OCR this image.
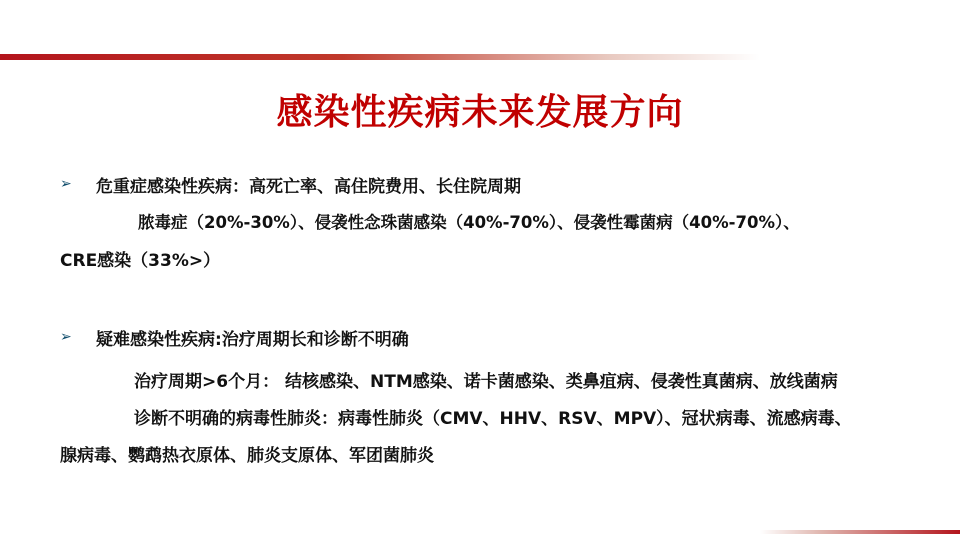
感染性疾病未来发展方向
➢ 危重症感染性疾病：高死亡率、高住院费用、长住院周期
脓毒症（20%-30%）、侵袭性念珠菌感染（40%-70%）、侵袭性霉菌病（40%-70%）、
CRE感染（33%>）
➢ 疑难感染性疾病:治疗周期长和诊断不明确
治疗周期>6个月： 结核感染、NTM感染、诺卡菌感染、类鼻疽病、侵袭性真菌病、放线菌病
诊断不明确的病毒性肺炎：病毒性肺炎（CMV、HHV、RSV、MPV）、冠状病毒、流感病毒、
腺病毒、鹦鹉热衣原体、肺炎支原体、军团菌肺炎
